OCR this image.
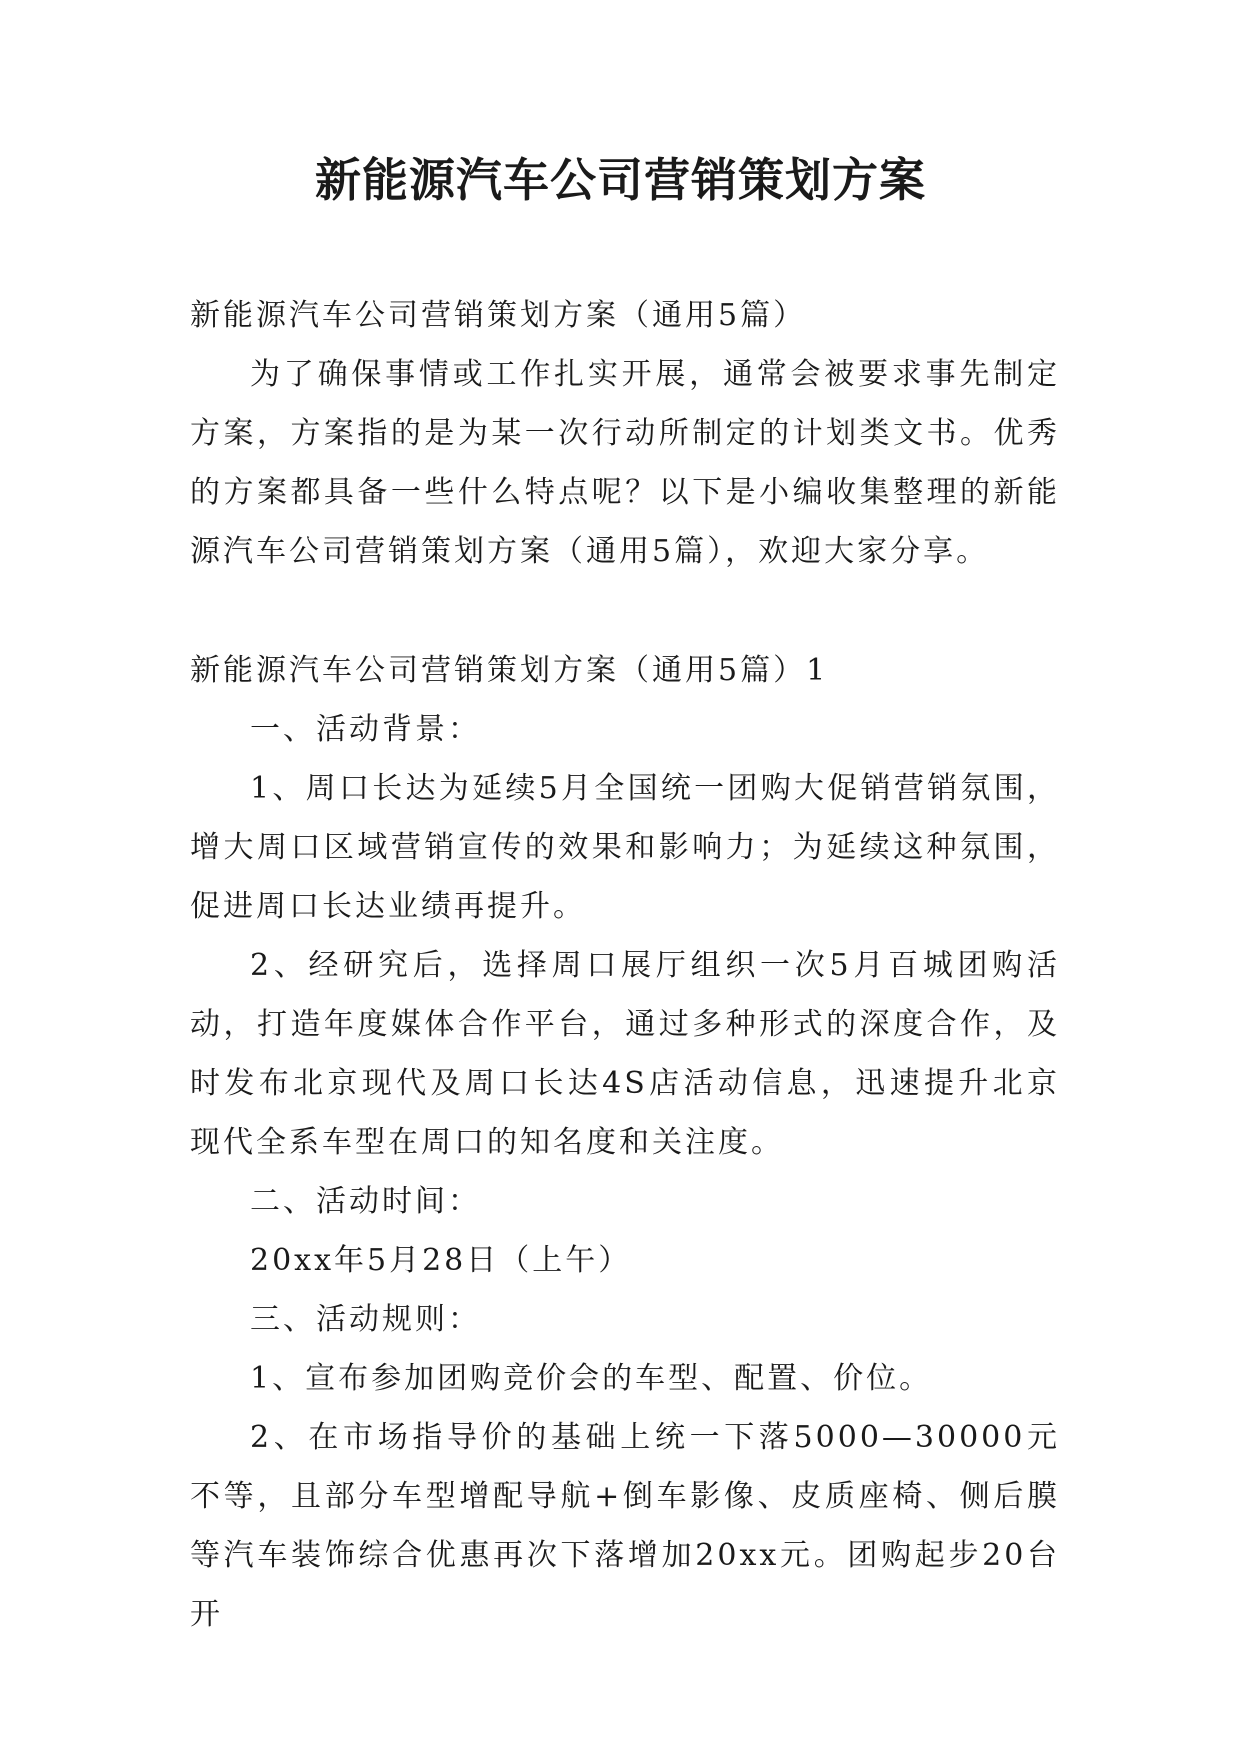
新能源汽车公司营销策划方案

新能源汽车公司营销策划方案（通用5篇）

为了确保事情或工作扎实开展，通常会被要求事先制定方案，方案指的是为某一次行动所制定的计划类文书。优秀的方案都具备一些什么特点呢？以下是小编收集整理的新能源汽车公司营销策划方案（通用5篇），欢迎大家分享。

新能源汽车公司营销策划方案（通用5篇）1

一、活动背景：

1、周口长达为延续5月全国统一团购大促销营销氛围，增大周口区域营销宣传的效果和影响力；为延续这种氛围，促进周口长达业绩再提升。

2、经研究后，选择周口展厅组织一次5月百城团购活动，打造年度媒体合作平台，通过多种形式的深度合作，及时发布北京现代及周口长达4S店活动信息，迅速提升北京现代全系车型在周口的知名度和关注度。

二、活动时间：

20xx年5月28日（上午）

三、活动规则：

1、宣布参加团购竞价会的车型、配置、价位。

2、在市场指导价的基础上统一下落5000—30000元不等，且部分车型增配导航+倒车影像、皮质座椅、侧后膜等汽车装饰综合优惠再次下落增加20xx元。团购起步20台开
